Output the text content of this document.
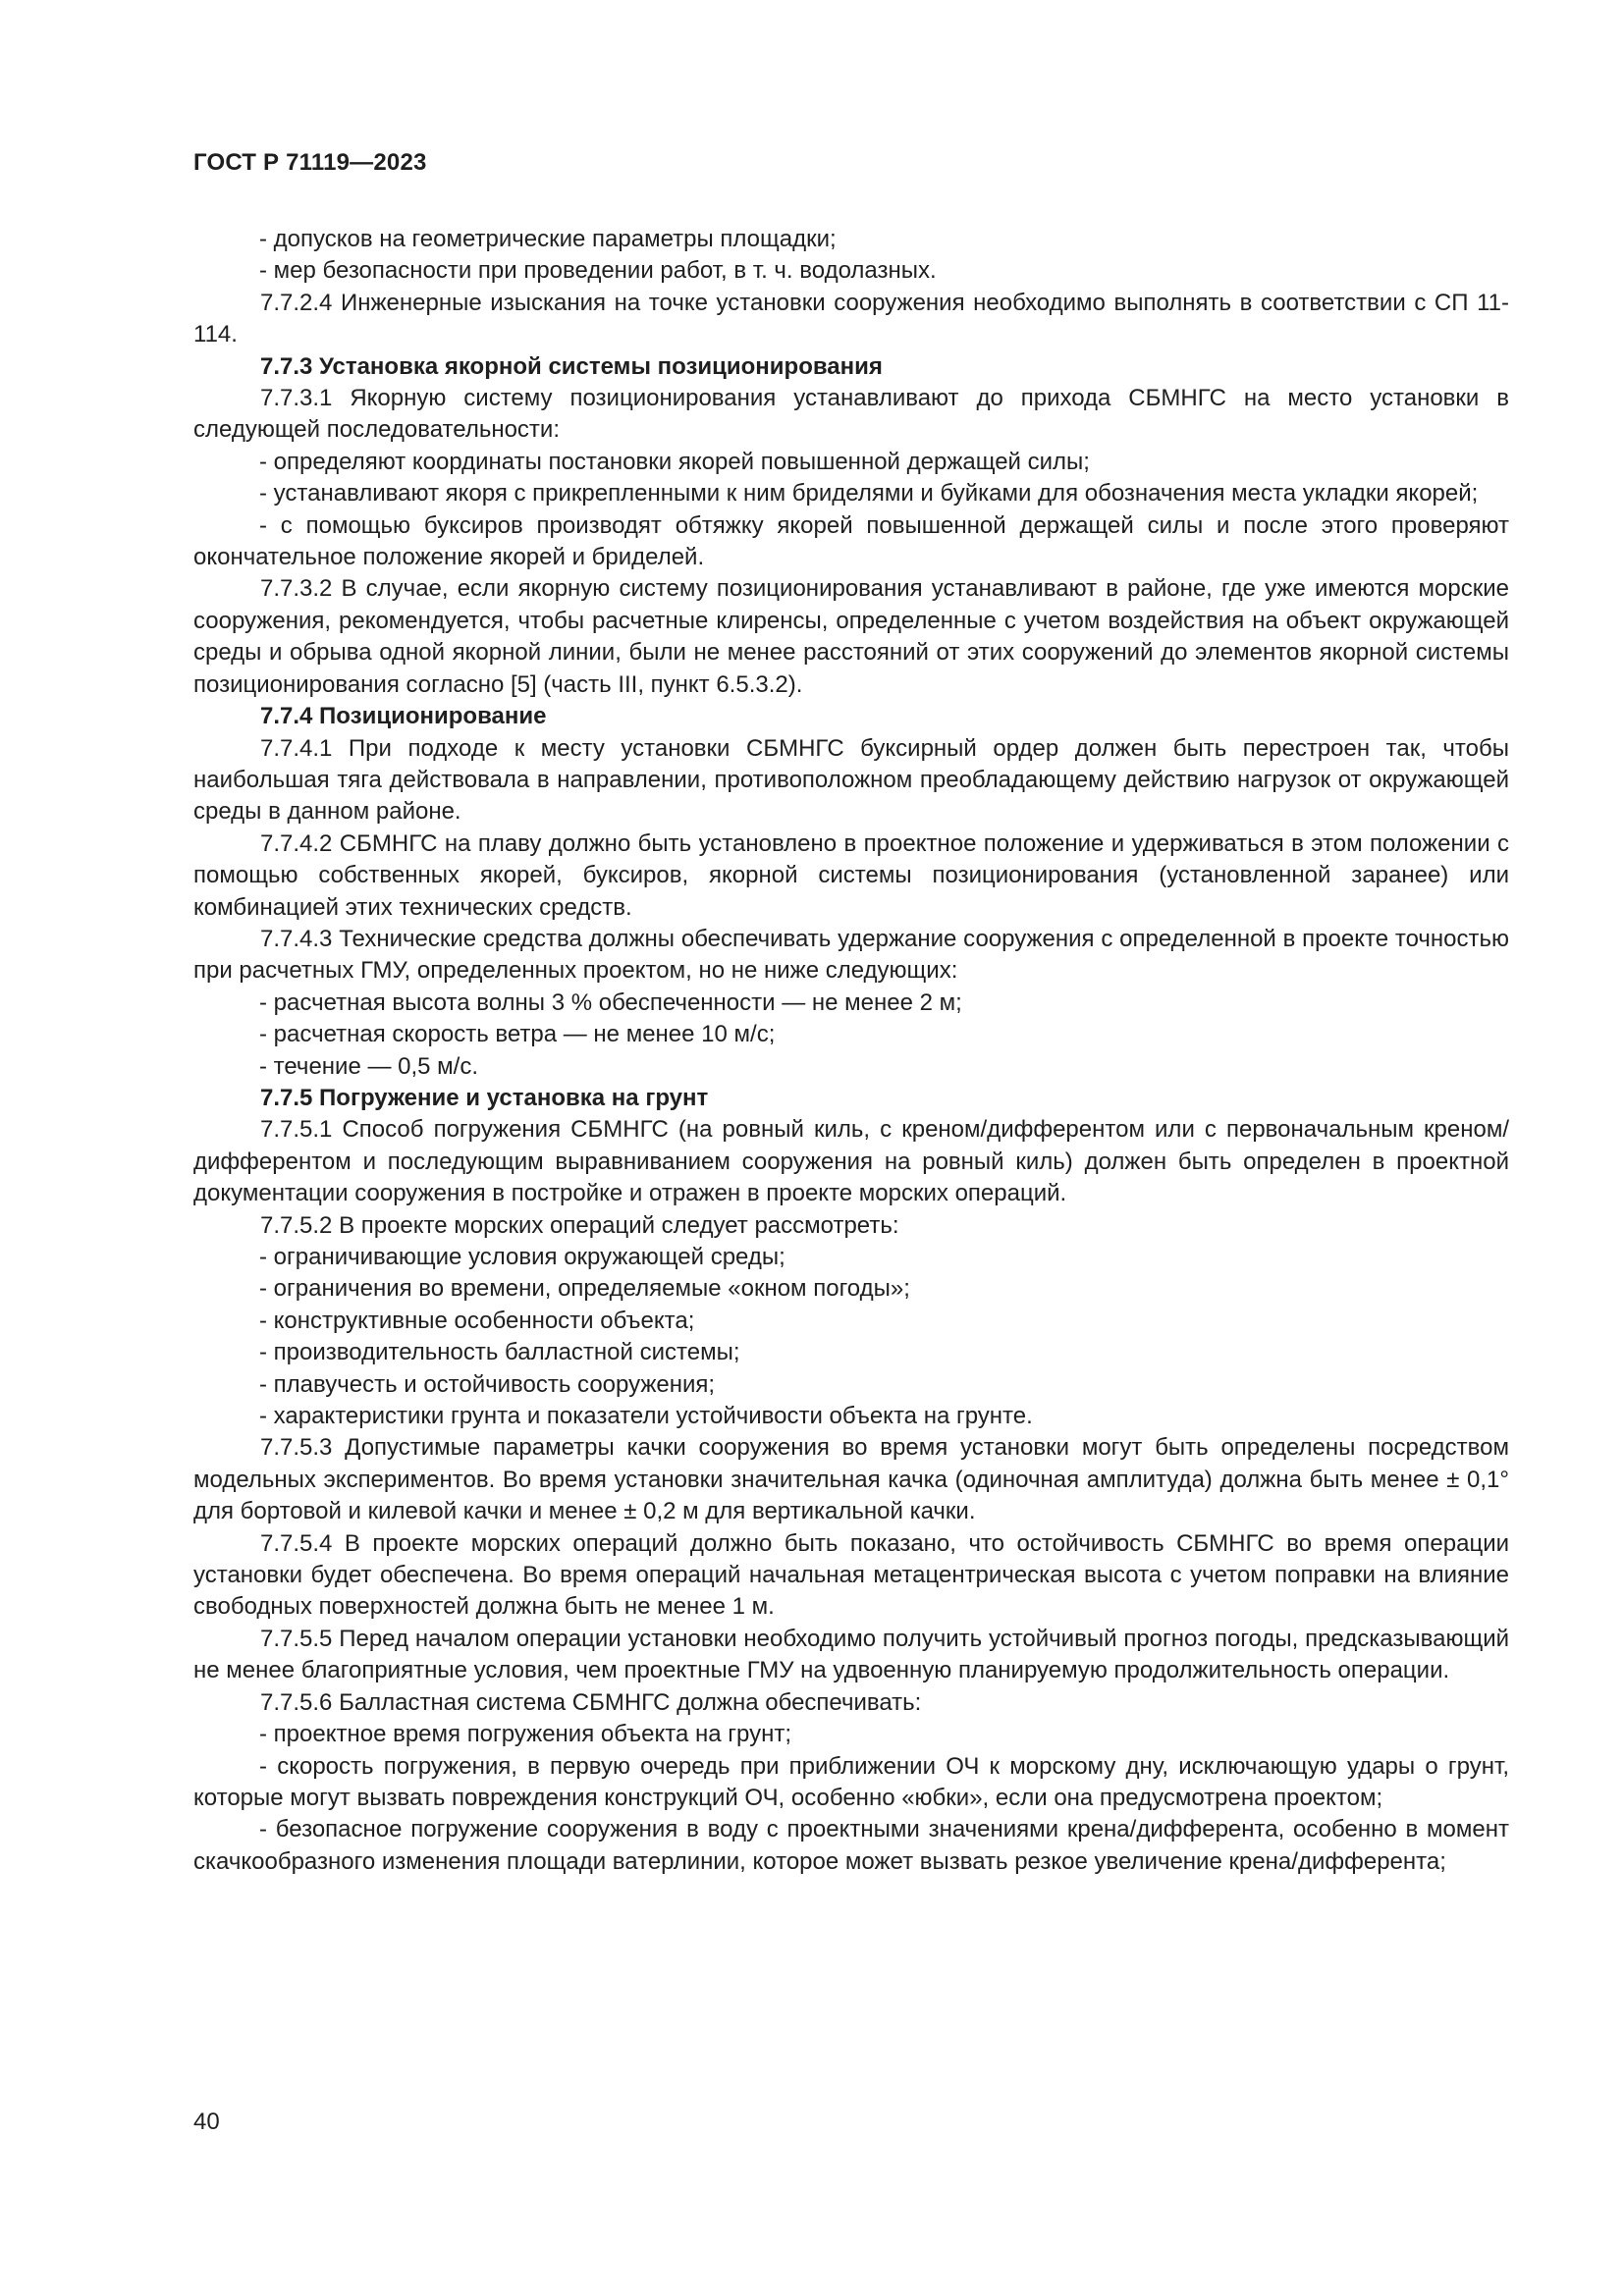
ГОСТ Р 71119—2023

- допусков на геометрические параметры площадки;

- мер безопасности при проведении работ, в т. ч. водолазных.

7.7.2.4 Инженерные изыскания на точке установки сооружения необходимо выполнять в соответствии с СП 11-114.

7.7.3 Установка якорной системы позиционирования

7.7.3.1 Якорную систему позиционирования устанавливают до прихода СБМНГС на место установки в следующей последовательности:

- определяют координаты постановки якорей повышенной держащей силы;

- устанавливают якоря с прикрепленными к ним бриделями и буйками для обозначения места укладки якорей;

- с помощью буксиров производят обтяжку якорей повышенной держащей силы и после этого проверяют окончательное положение якорей и бриделей.

7.7.3.2 В случае, если якорную систему позиционирования устанавливают в районе, где уже имеются морские сооружения, рекомендуется, чтобы расчетные клиренсы, определенные с учетом воздействия на объект окружающей среды и обрыва одной якорной линии, были не менее расстояний от этих сооружений до элементов якорной системы позиционирования согласно [5] (часть III, пункт 6.5.3.2).

7.7.4 Позиционирование

7.7.4.1 При подходе к месту установки СБМНГС буксирный ордер должен быть перестроен так, чтобы наибольшая тяга действовала в направлении, противоположном преобладающему действию нагрузок от окружающей среды в данном районе.

7.7.4.2 СБМНГС на плаву должно быть установлено в проектное положение и удерживаться в этом положении с помощью собственных якорей, буксиров, якорной системы позиционирования (установленной заранее) или комбинацией этих технических средств.

7.7.4.3 Технические средства должны обеспечивать удержание сооружения с определенной в проекте точностью при расчетных ГМУ, определенных проектом, но не ниже следующих:

- расчетная высота волны 3 % обеспеченности — не менее 2 м;

- расчетная скорость ветра — не менее 10 м/с;

- течение — 0,5 м/с.

7.7.5 Погружение и установка на грунт

7.7.5.1 Способ погружения СБМНГС (на ровный киль, с креном/дифферентом или с первоначальным креном/дифферентом и последующим выравниванием сооружения на ровный киль) должен быть определен в проектной документации сооружения в постройке и отражен в проекте морских операций.

7.7.5.2 В проекте морских операций следует рассмотреть:

- ограничивающие условия окружающей среды;

- ограничения во времени, определяемые «окном погоды»;

- конструктивные особенности объекта;

- производительность балластной системы;

- плавучесть и остойчивость сооружения;

- характеристики грунта и показатели устойчивости объекта на грунте.

7.7.5.3 Допустимые параметры качки сооружения во время установки могут быть определены посредством модельных экспериментов. Во время установки значительная качка (одиночная амплитуда) должна быть менее ± 0,1° для бортовой и килевой качки и менее ± 0,2 м для вертикальной качки.

7.7.5.4 В проекте морских операций должно быть показано, что остойчивость СБМНГС во время операции установки будет обеспечена. Во время операций начальная метацентрическая высота с учетом поправки на влияние свободных поверхностей должна быть не менее 1 м.

7.7.5.5 Перед началом операции установки необходимо получить устойчивый прогноз погоды, предсказывающий не менее благоприятные условия, чем проектные ГМУ на удвоенную планируемую продолжительность операции.

7.7.5.6 Балластная система СБМНГС должна обеспечивать:

- проектное время погружения объекта на грунт;

- скорость погружения, в первую очередь при приближении ОЧ к морскому дну, исключающую удары о грунт, которые могут вызвать повреждения конструкций ОЧ, особенно «юбки», если она предусмотрена проектом;

- безопасное погружение сооружения в воду с проектными значениями крена/дифферента, особенно в момент скачкообразного изменения площади ватерлинии, которое может вызвать резкое увеличение крена/дифферента;

40
